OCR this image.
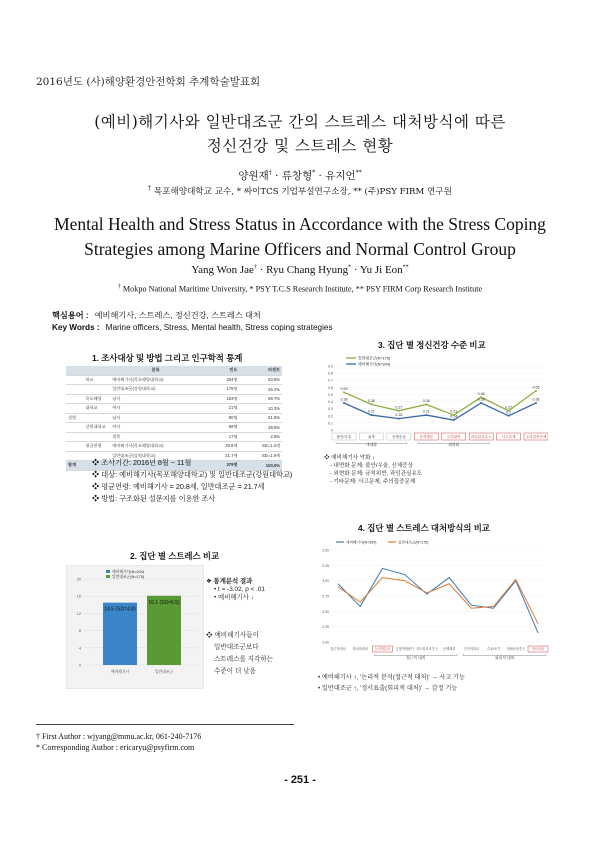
2016년도 (사)해양환경안전학회 추계학술발표회
(예비)해기사와 일반대조군 간의 스트레스 대처방식에 따른
정신건강 및 스트레스 현황
양원재† · 류창형* · 유지언**
† 목포해양대학교 교수, * 싸이TCS 기업부설연구소장, ** (주)PSY FIRM 연구원
Mental Health and Stress Status in Accordance with the Stress Coping
Strategies among Marine Officers and Normal Control Group
Yang Won Jae† · Ryu Chang Hyung* · Yu Ji Eon**
† Mokpo National Maritime University, * PSY T.C.S Research Institute, ** PSY FIRM Corp Research Institute
핵심용어 : 예비해기사, 스트레스, 정신건강, 스트레스 대처
Key Words : Marine officers, Stress, Mental health, Stress coping strategies
1. 조사대상 및 방법 그리고 인구학적 통계
		분류	빈도	퍼센트
	학교	예비해기사(목포해양대학교)	204명	53.8%
		일반대조군(강원대학교)	175명	46.2%
	목포해양	남자	183명	89.7%
	대학교	여자	21명	10.3%
성별		남자	90명	51.5%
	강원대학교	여자	68명	38.8%
		결측	17명	2.8%
	평균연령	예비해기사(목포해양대학교)	20.8세	SD=1.3세
		일반대조군(강원대학교)	21.7세	SD=1.9세
합계			379명	100.0%
❖ 조사기간: 2016년 8월 ~ 11월
❖ 대상: 예비해기사(목포해양대학교) 및 일반대조군(강원대학교)
❖ 평균연령: 예비해기사 = 20.8세, 일반대조군 = 21.7세
❖ 방법: 구조화된 설문지를 이용한 조사
2. 집단 별 스트레스 비교
0
4
8
12
16
20
14.5 (SD=4.8)
예비해기사
16.1 (SD=5.5)
일반대조군
예비해기사(N=204)
일반대조군(N=175)
❖ 통계분석 결과
• t = -3.02, p < .01
• 예비해기사 ↓
❖ 예비해기사들이
일반대조군보다
스트레스를 지각하는
수준이 더 낮음
3. 집단 별 정신건강 수준 비교
0
0.1
0.2
0.3
0.4
0.5
0.6
0.7
0.8
0.9
0.53
0.36
0.27
0.36
0.21
0.46
0.27
0.55
일반대조군(N=175)
0.38
0.21
0.16
0.21
0.14
0.38
0.2
0.38
예비해기사(N=204)
불안/우울	위축	신체증상	공격행동	규칙위반	과잉관심유도	사고문제	주의집중문제
내재화	외현화
❖ 예비해기사 악화 ↓
- 내면화 문제: 불안/우울, 신체증상
- 외현화 문제: 규칙위반, 과잉관심유도
- 기타문제: 사고문제, 주의집중문제
4. 집단 별 스트레스 대처방식의 비교
2.00
2.25
2.50
2.75
3.00
3.25
3.50
예비해기사(N=204)	일반대조군(N=175)
접근적대처 회피적대처 논리적분석 긍정적재평가 지도및지지추구 문제해결	인지적회피 수용/포기 대체보상추구 정서표출
접근적 대처	회피적 대처
• 예비해기사 ↑, '논리적 분석(접근적 대처)' → 사고 기능
• 일반대조군 ↑, '정서표출(회피적 대처)' → 감정 기능
† First Author : wjyang@mmu.ac.kr, 061-240-7176
* Corresponding Author : ericaryu@psyfirm.com
- 251 -
